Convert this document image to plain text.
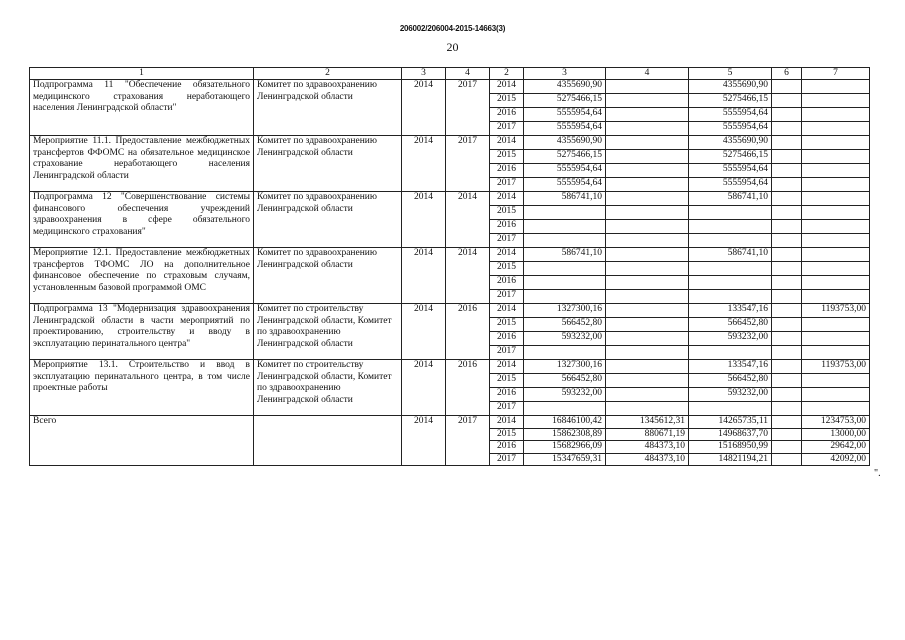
206002/206004-2015-14663(3)
20
1	2	3	4	2	3	4	5	6	7
Подпрограмма 11 "Обеспечение обязательного медицинского страхования неработающего населения Ленинградской области"	Комитет по здравоохранению Ленинградской области	2014	2017	2014	4355690,90		4355690,90		
				2015	5275466,15		5275466,15		
				2016	5555954,64		5555954,64		
				2017	5555954,64		5555954,64		
Мероприятие 11.1. Предоставление межбюджетных трансфертов ФФОМС на обязательное медицинское страхование неработающего населения Ленинградской области	Комитет по здравоохранению Ленинградской области	2014	2017	2014	4355690,90		4355690,90		
				2015	5275466,15		5275466,15		
				2016	5555954,64		5555954,64		
				2017	5555954,64		5555954,64		
Подпрограмма 12 "Совершенствование системы финансового обеспечения учреждений здравоохранения в сфере обязательного медицинского страхования"	Комитет по здравоохранению Ленинградской области	2014	2014	2014	586741,10		586741,10		
				2015					
				2016					
				2017					
Мероприятие 12.1. Предоставление межбюджетных трансфертов ТФОМС ЛО на дополнительное финансовое обеспечение по страховым случаям, установленным базовой программой ОМС	Комитет по здравоохранению Ленинградской области	2014	2014	2014	586741,10		586741,10		
				2015					
				2016					
				2017					
Подпрограмма 13 "Модернизация здравоохранения Ленинградской области в части мероприятий по проектированию, строительству и вводу в эксплуатацию перинатального центра"	Комитет по строительству Ленинградской области, Комитет по здравоохранению Ленинградской области	2014	2016	2014	1327300,16		133547,16		1193753,00
				2015	566452,80		566452,80		
				2016	593232,00		593232,00		
				2017					
Мероприятие 13.1. Строительство и ввод в эксплуатацию перинатального центра, в том числе проектные работы	Комитет по строительству Ленинградской области, Комитет по здравоохранению Ленинградской области	2014	2016	2014	1327300,16		133547,16		1193753,00
				2015	566452,80		566452,80		
				2016	593232,00		593232,00		
				2017					
Всего		2014	2017	2014	16846100,42	1345612,31	14265735,11		1234753,00
				2015	15862308,89	880671,19	14968637,70		13000,00
				2016	15682966,09	484373,10	15168950,99		29642,00
				2017	15347659,31	484373,10	14821194,21		42092,00
".
